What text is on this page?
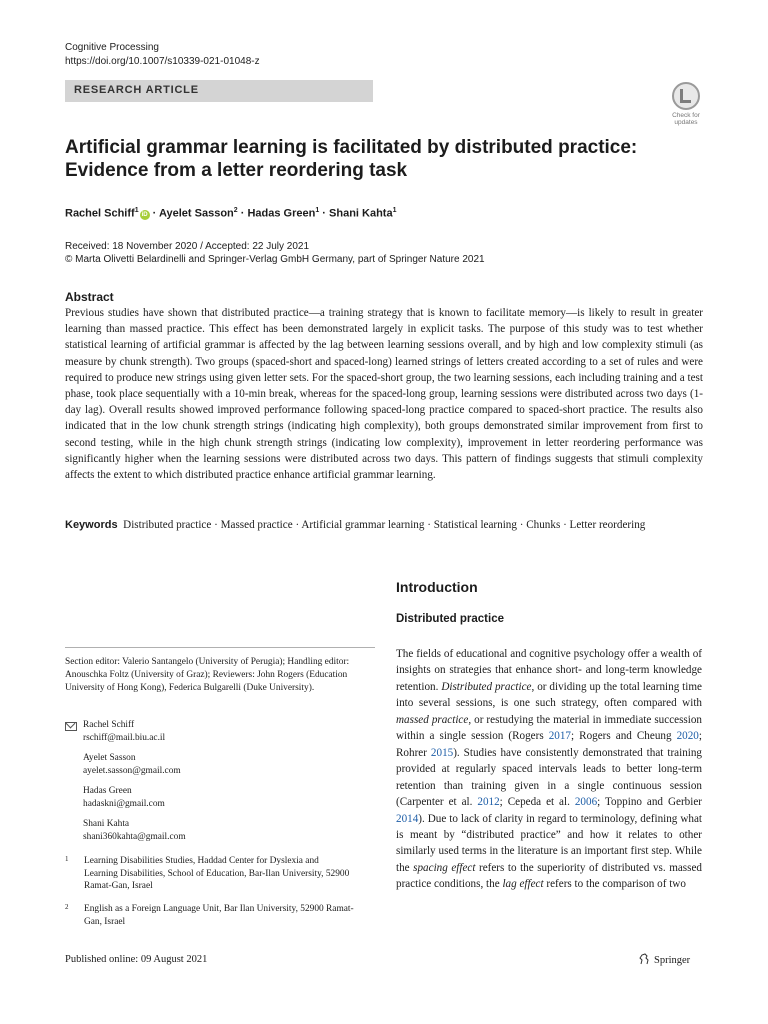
Cognitive Processing
https://doi.org/10.1007/s10339-021-01048-z
RESEARCH ARTICLE
Check for
updates
Artificial grammar learning is facilitated by distributed practice:
Evidence from a letter reordering task
Rachel Schiff$^1$iD · Ayelet Sasson$^2$ · Hadas Green$^1$ · Shani Kahta$^1$
Received: 18 November 2020 / Accepted: 22 July 2021
© Marta Olivetti Belardinelli and Springer-Verlag GmbH Germany, part of Springer Nature 2021
Abstract
Previous studies have shown that distributed practice—a training strategy that is known to facilitate memory—is likely to result in greater learning than massed practice. This effect has been demonstrated largely in explicit tasks. The purpose of this study was to test whether statistical learning of artificial grammar is affected by the lag between learning sessions overall, and by high and low complexity stimuli (as measure by chunk strength). Two groups (spaced-short and spaced-long) learned strings of letters created according to a set of rules and were required to produce new strings using given letter sets. For the spaced-short group, the two learning sessions, each including training and a test phase, took place sequentially with a 10-min break, whereas for the spaced-long group, learning sessions were distributed across two days (1-day lag). Overall results showed improved performance following spaced-long practice compared to spaced-short practice. The results also indicated that in the low chunk strength strings (indicating high complexity), both groups demonstrated similar improvement from first to second testing, while in the high chunk strength strings (indicating low complexity), improvement in letter reordering performance was significantly higher when the learning sessions were distributed across two days. This pattern of findings suggests that stimuli complexity affects the extent to which distributed practice enhance artificial grammar learning.
Keywords Distributed practice · Massed practice · Artificial grammar learning · Statistical learning · Chunks · Letter reordering
Introduction
Distributed practice
The fields of educational and cognitive psychology offer a wealth of insights on strategies that enhance short- and long-term knowledge retention. Distributed practice, or dividing up the total learning time into several sessions, is one such strategy, often compared with massed practice, or restudying the material in immediate succession within a single session (Rogers 2017; Rogers and Cheung 2020; Rohrer 2015). Studies have consistently demonstrated that training provided at regularly spaced intervals leads to better long-term retention than training given in a single continuous session (Carpenter et al. 2012; Cepeda et al. 2006; Toppino and Gerbier 2014). Due to lack of clarity in regard to terminology, defining what is meant by “distributed practice” and how it relates to other similarly used terms in the literature is an important first step. While the spacing effect refers to the superiority of distributed vs. massed practice conditions, the lag effect refers to the comparison of two
Section editor: Valerio Santangelo (University of Perugia); Handling editor: Anouschka Foltz (University of Graz); Reviewers: John Rogers (Education University of Hong Kong), Federica Bulgarelli (Duke University).
Rachel Schiff
rschiff@mail.biu.ac.il
Ayelet Sasson
ayelet.sasson@gmail.com
Hadas Green
hadaskni@gmail.com
Shani Kahta
shani360kahta@gmail.com
1 Learning Disabilities Studies, Haddad Center for Dyslexia and Learning Disabilities, School of Education, Bar-Ilan University, 52900 Ramat-Gan, Israel
2 English as a Foreign Language Unit, Bar Ilan University, 52900 Ramat-Gan, Israel
Published online: 09 August 2021	Springer
